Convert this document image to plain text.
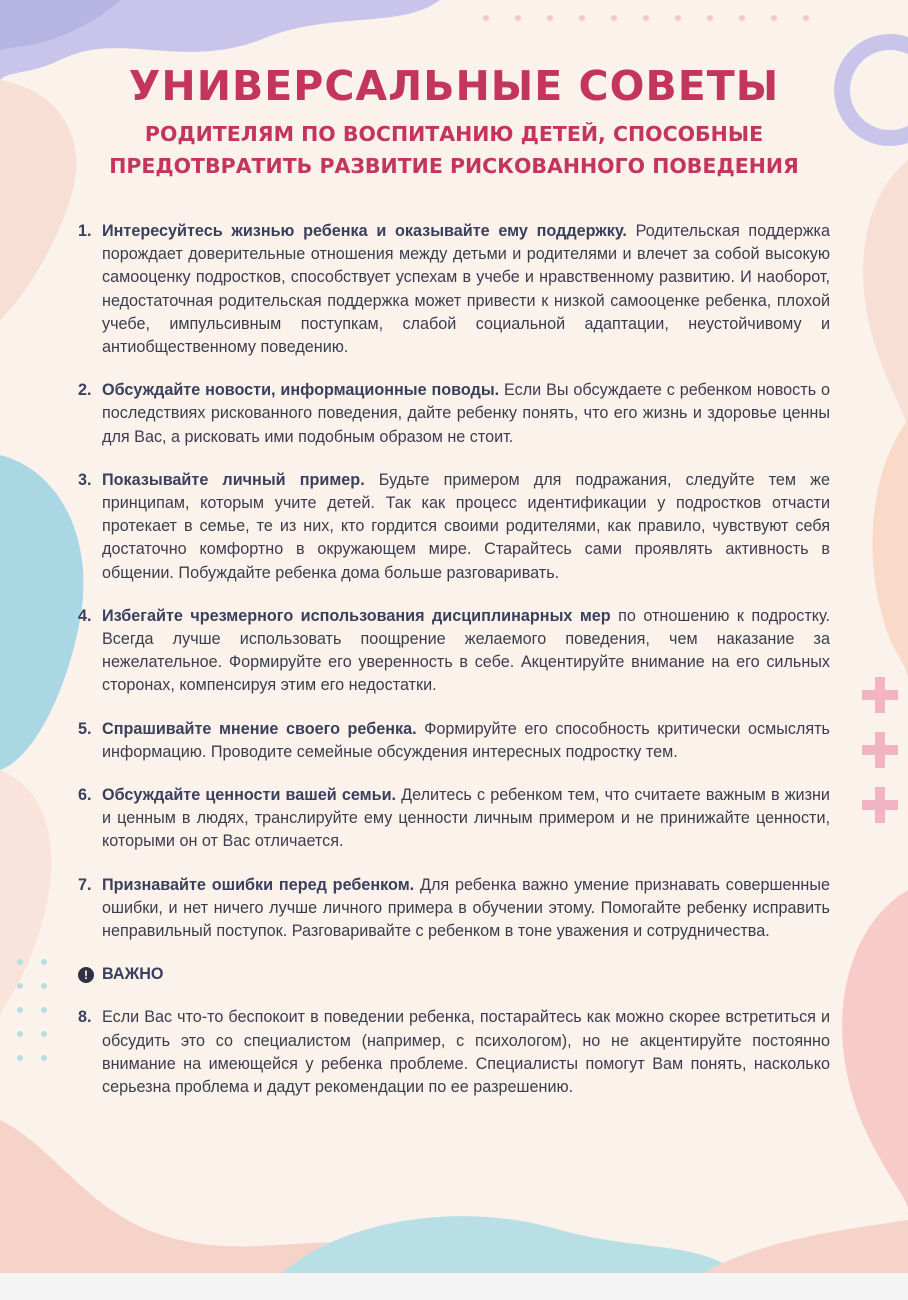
УНИВЕРСАЛЬНЫЕ СОВЕТЫ
РОДИТЕЛЯМ ПО ВОСПИТАНИЮ ДЕТЕЙ, СПОСОБНЫЕ ПРЕДОТВРАТИТЬ РАЗВИТИЕ РИСКОВАННОГО ПОВЕДЕНИЯ
1. Интересуйтесь жизнью ребенка и оказывайте ему поддержку. Родительская поддержка порождает доверительные отношения между детьми и родителями и влечет за собой высокую самооценку подростков, способствует успехам в учебе и нравственному развитию. И наоборот, недостаточная родительская поддержка может привести к низкой самооценке ребенка, плохой учебе, импульсивным поступкам, слабой социальной адаптации, неустойчивому и антиобщественному поведению.
2. Обсуждайте новости, информационные поводы. Если Вы обсуждаете с ребенком новость о последствиях рискованного поведения, дайте ребенку понять, что его жизнь и здоровье ценны для Вас, а рисковать ими подобным образом не стоит.
3. Показывайте личный пример. Будьте примером для подражания, следуйте тем же принципам, которым учите детей. Так как процесс идентификации у подростков отчасти протекает в семье, те из них, кто гордится своими родителями, как правило, чувствуют себя достаточно комфортно в окружающем мире. Старайтесь сами проявлять активность в общении. Побуждайте ребенка дома больше разговаривать.
4. Избегайте чрезмерного использования дисциплинарных мер по отношению к подростку. Всегда лучше использовать поощрение желаемого поведения, чем наказание за нежелательное. Формируйте его уверенность в себе. Акцентируйте внимание на его сильных сторонах, компенсируя этим его недостатки.
5. Спрашивайте мнение своего ребенка. Формируйте его способность критически осмыслять информацию. Проводите семейные обсуждения интересных подростку тем.
6. Обсуждайте ценности вашей семьи. Делитесь с ребенком тем, что считаете важным в жизни и ценным в людях, транслируйте ему ценности личным примером и не принижайте ценности, которыми он от Вас отличается.
7. Признавайте ошибки перед ребенком. Для ребенка важно умение признавать совершенные ошибки, и нет ничего лучше личного примера в обучении этому. Помогайте ребенку исправить неправильный поступок. Разговаривайте с ребенком в тоне уважения и сотрудничества.
! ВАЖНО
8. Если Вас что-то беспокоит в поведении ребенка, постарайтесь как можно скорее встретиться и обсудить это со специалистом (например, с психологом), но не акцентируйте постоянно внимание на имеющейся у ребенка проблеме. Специалисты помогут Вам понять, насколько серьезна проблема и дадут рекомендации по ее разрешению.
